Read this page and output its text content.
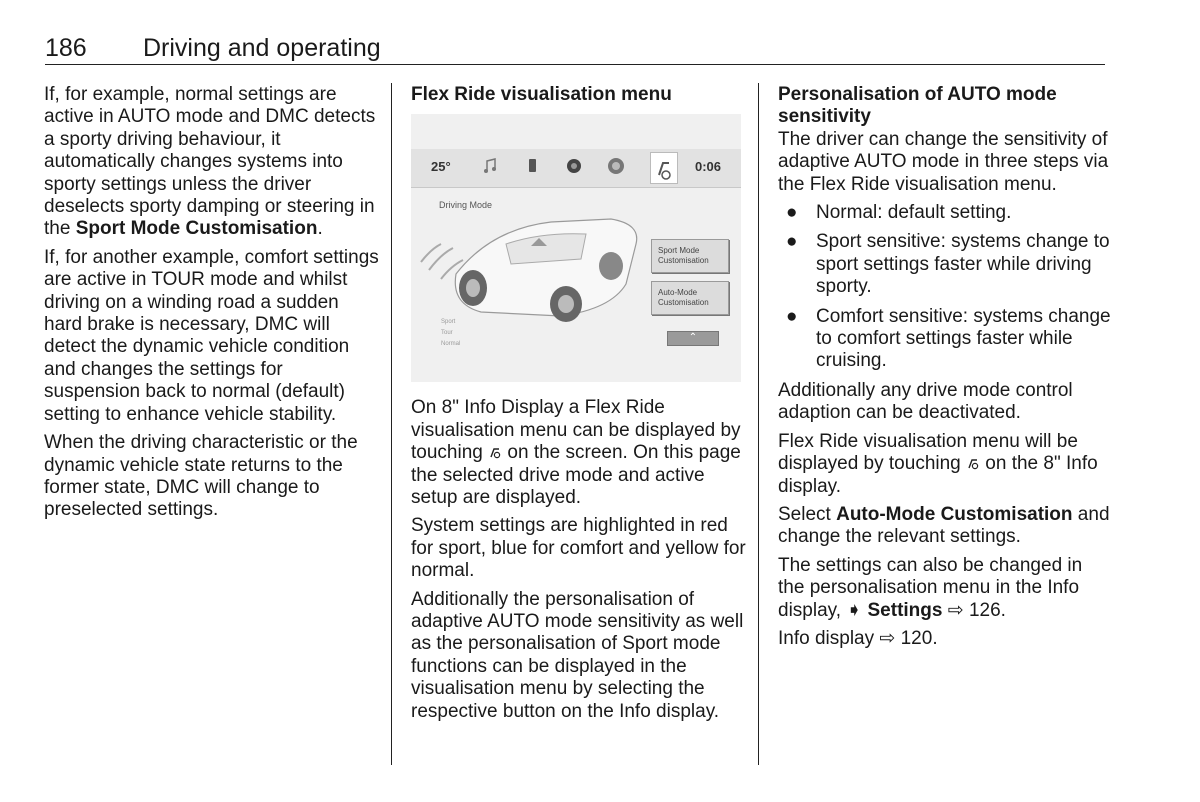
186 Driving and operating

If, for example, normal settings are active in AUTO mode and DMC detects a sporty driving behaviour, it automatically changes systems into sporty settings unless the driver deselects sporty damping or steering in the Sport Mode Customisation.

If, for another example, comfort settings are active in TOUR mode and whilst driving on a winding road a sudden hard brake is necessary, DMC will detect the dynamic vehicle condition and changes the settings for suspension back to normal (default) setting to enhance vehicle stability.

When the driving characteristic or the dynamic vehicle state returns to the former state, DMC will change to preselected settings.

Flex Ride visualisation menu

25°	0:06
Driving Mode
Sport Mode
Customisation
Auto-Mode
Customisation
Sport
Tour
Normal
⌃

On 8" Info Display a Flex Ride visualisation menu can be displayed by touching  on the screen. On this page the selected drive mode and active setup are displayed.

System settings are highlighted in red for sport, blue for comfort and yellow for normal.

Additionally the personalisation of adaptive AUTO mode sensitivity as well as the personalisation of Sport mode functions can be displayed in the visualisation menu by selecting the respective button on the Info display.

Personalisation of AUTO mode sensitivity

The driver can change the sensitivity of adaptive AUTO mode in three steps via the Flex Ride visualisation menu.

● Normal: default setting.
● Sport sensitive: systems change to sport settings faster while driving sporty.
● Comfort sensitive: systems change to comfort settings faster while cruising.

Additionally any drive mode control adaption can be deactivated.

Flex Ride visualisation menu will be displayed by touching  on the 8" Info display.

Select Auto-Mode Customisation and change the relevant settings.

The settings can also be changed in the personalisation menu in the Info display, ➧ Settings ⇨ 126.

Info display ⇨ 120.
